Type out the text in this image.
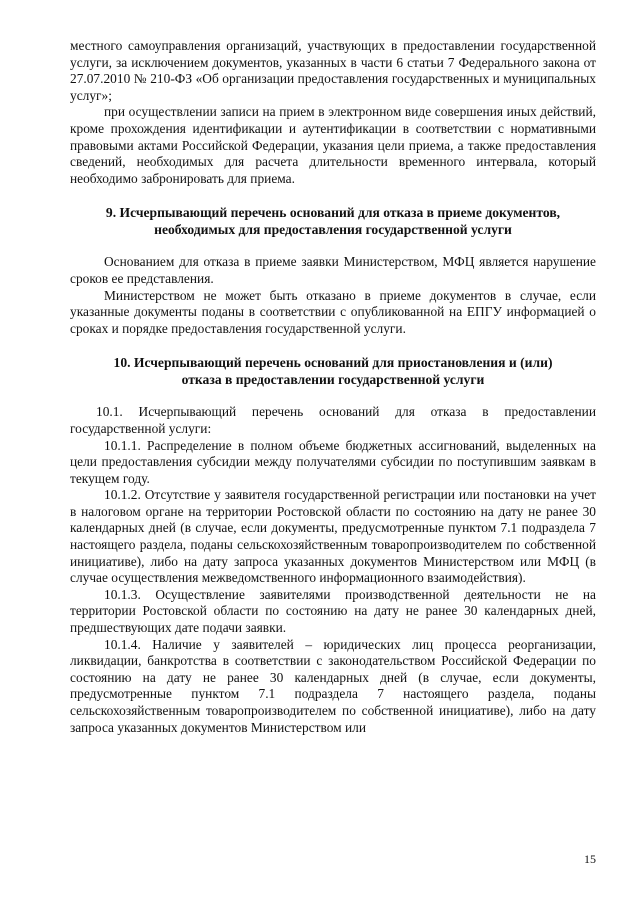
местного самоуправления организаций, участвующих в предоставлении государственной услуги, за исключением документов, указанных в части 6 статьи 7 Федерального закона от 27.07.2010 № 210-ФЗ «Об организации предоставления государственных и муниципальных услуг»;

при осуществлении записи на прием в электронном виде совершения иных действий, кроме прохождения идентификации и аутентификации в соответствии с нормативными правовыми актами Российской Федерации, указания цели приема, а также предоставления сведений, необходимых для расчета длительности временного интервала, который необходимо забронировать для приема.

9. Исчерпывающий перечень оснований для отказа в приеме документов,

необходимых для предоставления государственной услуги

Основанием для отказа в приеме заявки Министерством, МФЦ является нарушение сроков ее представления.

Министерством не может быть отказано в приеме документов в случае, если указанные документы поданы в соответствии с опубликованной на ЕПГУ информацией о сроках и порядке предоставления государственной услуги.

10. Исчерпывающий перечень оснований для приостановления и (или)

отказа в предоставлении государственной услуги

10.1. Исчерпывающий перечень оснований для отказа в предоставлении государственной услуги:

10.1.1. Распределение в полном объеме бюджетных ассигнований, выделенных на цели предоставления субсидии между получателями субсидии по поступившим заявкам в текущем году.

10.1.2. Отсутствие у заявителя государственной регистрации или постановки на учет в налоговом органе на территории Ростовской области по состоянию на дату не ранее 30 календарных дней (в случае, если документы, предусмотренные пунктом 7.1 подраздела 7 настоящего раздела, поданы сельскохозяйственным товаропроизводителем по собственной инициативе), либо на дату запроса указанных документов Министерством или МФЦ (в случае осуществления межведомственного информационного взаимодействия).

10.1.3. Осуществление заявителями производственной деятельности не на территории Ростовской области по состоянию на дату не ранее 30 календарных дней, предшествующих дате подачи заявки.

10.1.4. Наличие у заявителей – юридических лиц процесса реорганизации, ликвидации, банкротства в соответствии с законодательством Российской Федерации по состоянию на дату не ранее 30 календарных дней (в случае, если документы, предусмотренные пунктом 7.1 подраздела 7 настоящего раздела, поданы сельскохозяйственным товаропроизводителем по собственной инициативе), либо на дату запроса указанных документов Министерством или

15
